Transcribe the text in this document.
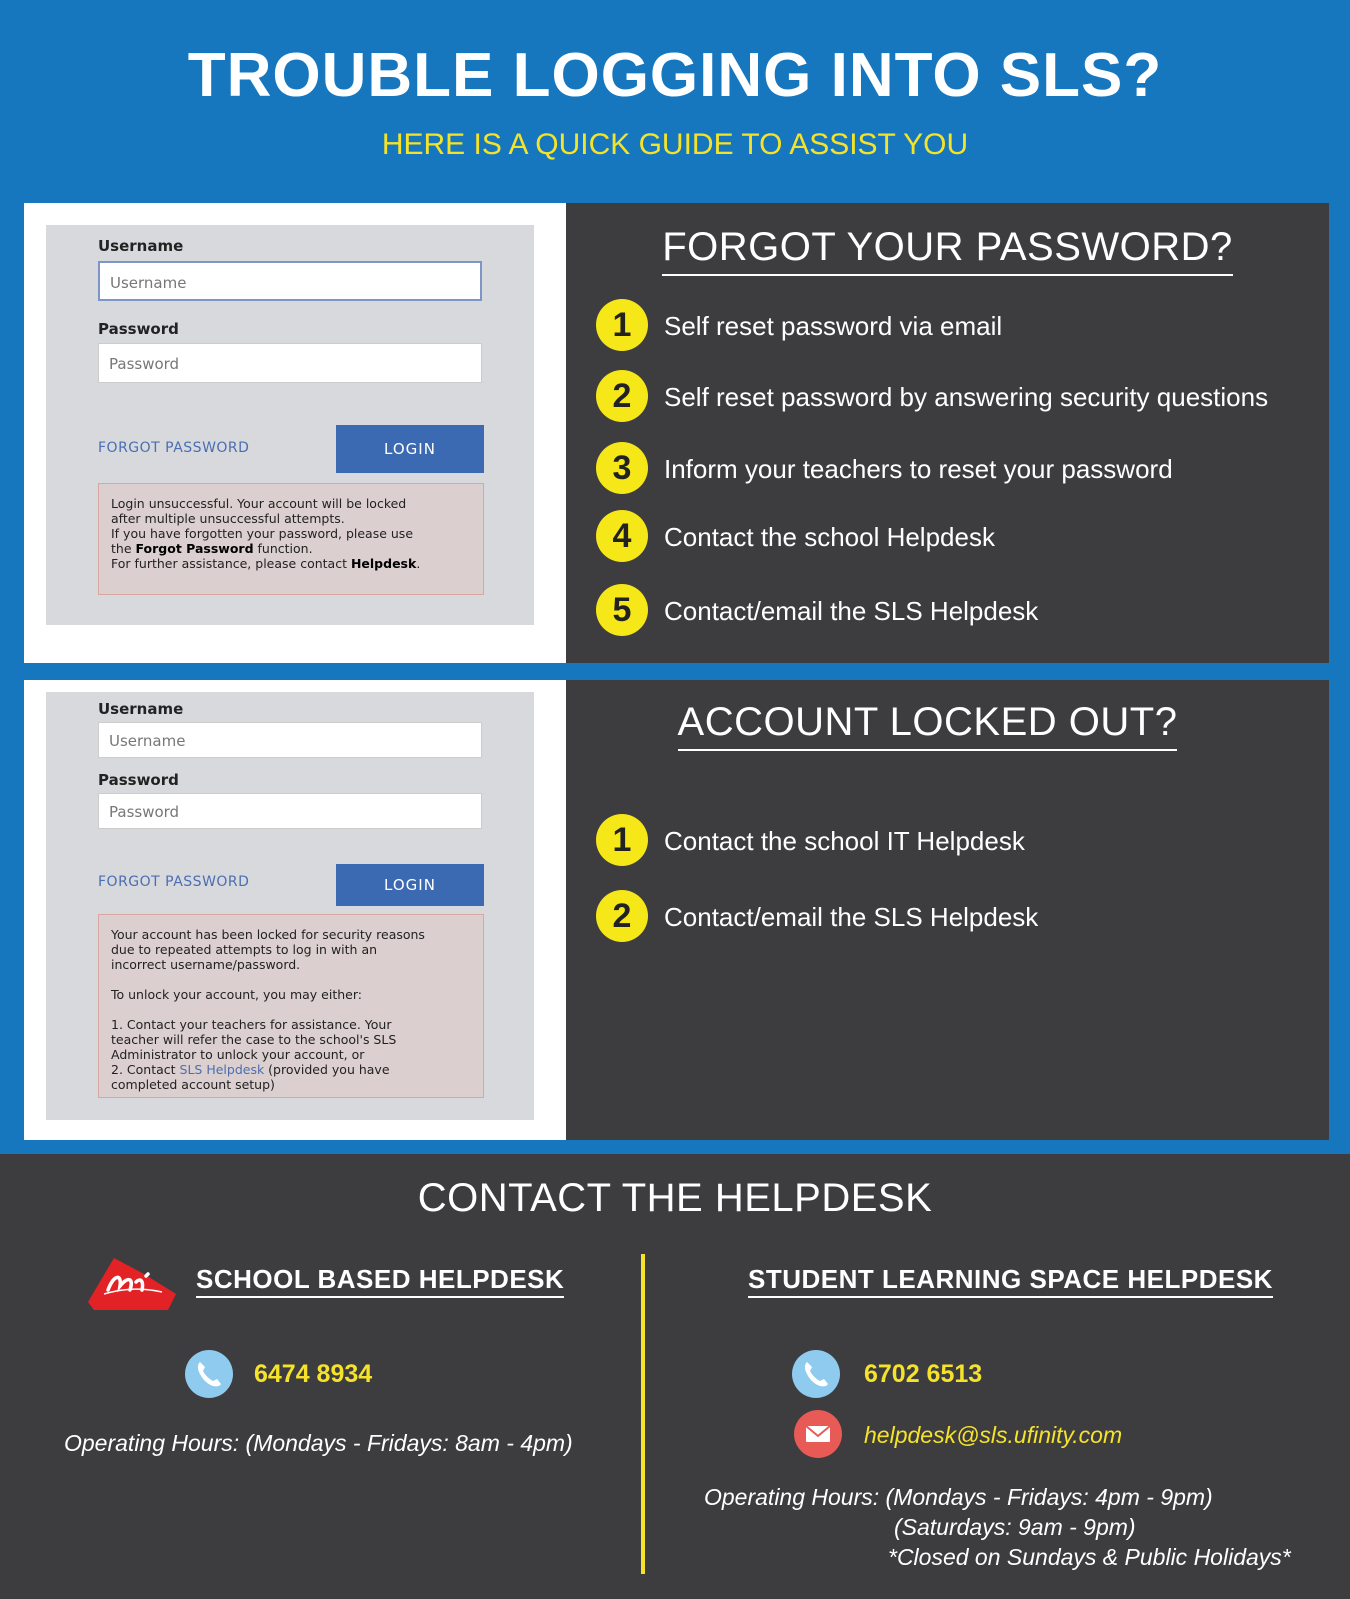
TROUBLE LOGGING INTO SLS?
HERE IS A QUICK GUIDE TO ASSIST YOU
Username
Username
Password
Password
FORGOT PASSWORD	LOGIN
Login unsuccessful. Your account will be locked
after multiple unsuccessful attempts.
If you have forgotten your password, please use
the Forgot Password function.
For further assistance, please contact Helpdesk.
FORGOT YOUR PASSWORD?
1	Self reset password via email
2	Self reset password by answering security questions
3	Inform your teachers to reset your password
4	Contact the school Helpdesk
5	Contact/email the SLS Helpdesk
Username
Username
Password
Password
FORGOT PASSWORD	LOGIN
Your account has been locked for security reasons
due to repeated attempts to log in with an
incorrect username/password.
To unlock your account, you may either:
1. Contact your teachers for assistance. Your
teacher will refer the case to the school's SLS
Administrator to unlock your account, or
2. Contact SLS Helpdesk (provided you have
completed account setup)
ACCOUNT LOCKED OUT?
1	Contact the school IT Helpdesk
2	Contact/email the SLS Helpdesk
CONTACT THE HELPDESK
SCHOOL BASED HELPDESK
6474 8934
Operating Hours: (Mondays - Fridays: 8am - 4pm)
STUDENT LEARNING SPACE HELPDESK
6702 6513
helpdesk@sls.ufinity.com
Operating Hours: (Mondays - Fridays: 4pm - 9pm)
(Saturdays: 9am - 9pm)
*Closed on Sundays & Public Holidays*
